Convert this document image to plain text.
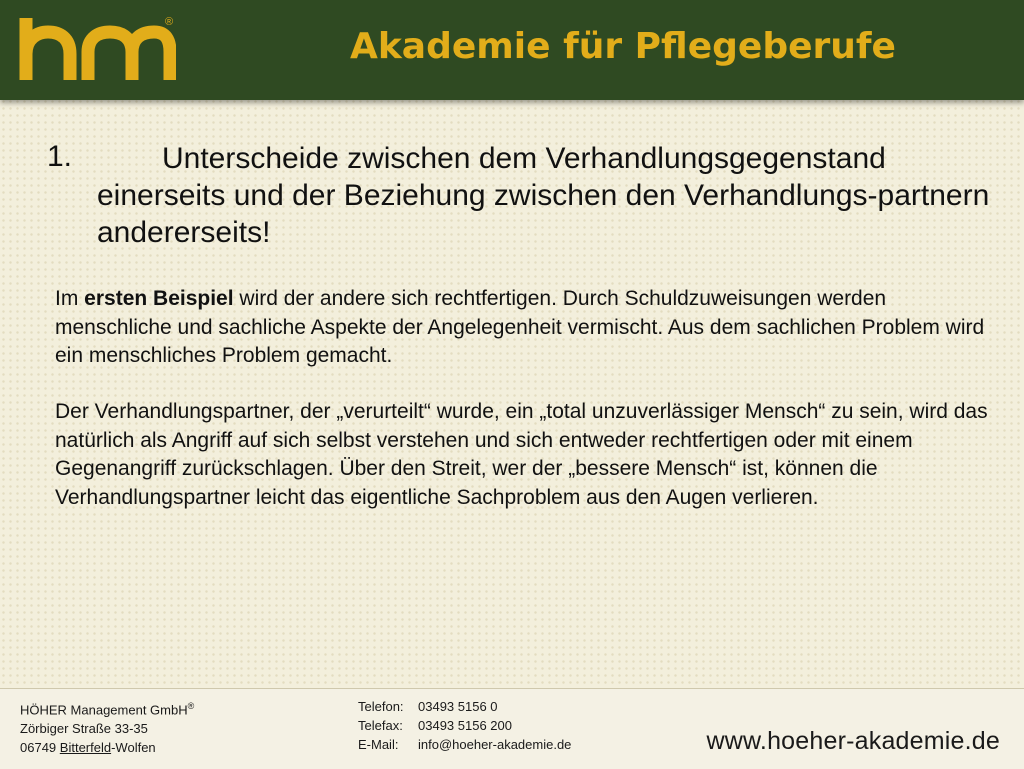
®
Akademie für Pflegeberufe
1.	Unterscheide zwischen dem Verhandlungsgegenstand einerseits und der Beziehung zwischen den Verhandlungs-partnern andererseits!

Im ersten Beispiel wird der andere sich rechtfertigen. Durch Schuldzuweisungen werden menschliche und sachliche Aspekte der Angelegenheit vermischt. Aus dem sachlichen Problem wird ein menschliches Problem gemacht.

Der Verhandlungspartner, der „verurteilt“ wurde, ein „total unzuverlässiger Mensch“ zu sein, wird das natürlich als Angriff auf sich selbst verstehen und sich entweder rechtfertigen oder mit einem Gegenangriff zurückschlagen. Über den Streit, wer der „bessere Mensch“ ist, können die Verhandlungspartner leicht das eigentliche Sachproblem aus den Augen verlieren.

HÖHER Management GmbH®
Zörbiger Straße 33-35
06749 Bitterfeld-Wolfen
Telefon: 03493 5156 0
Telefax: 03493 5156 200
E-Mail: info@hoeher-akademie.de	www.hoeher-akademie.de
